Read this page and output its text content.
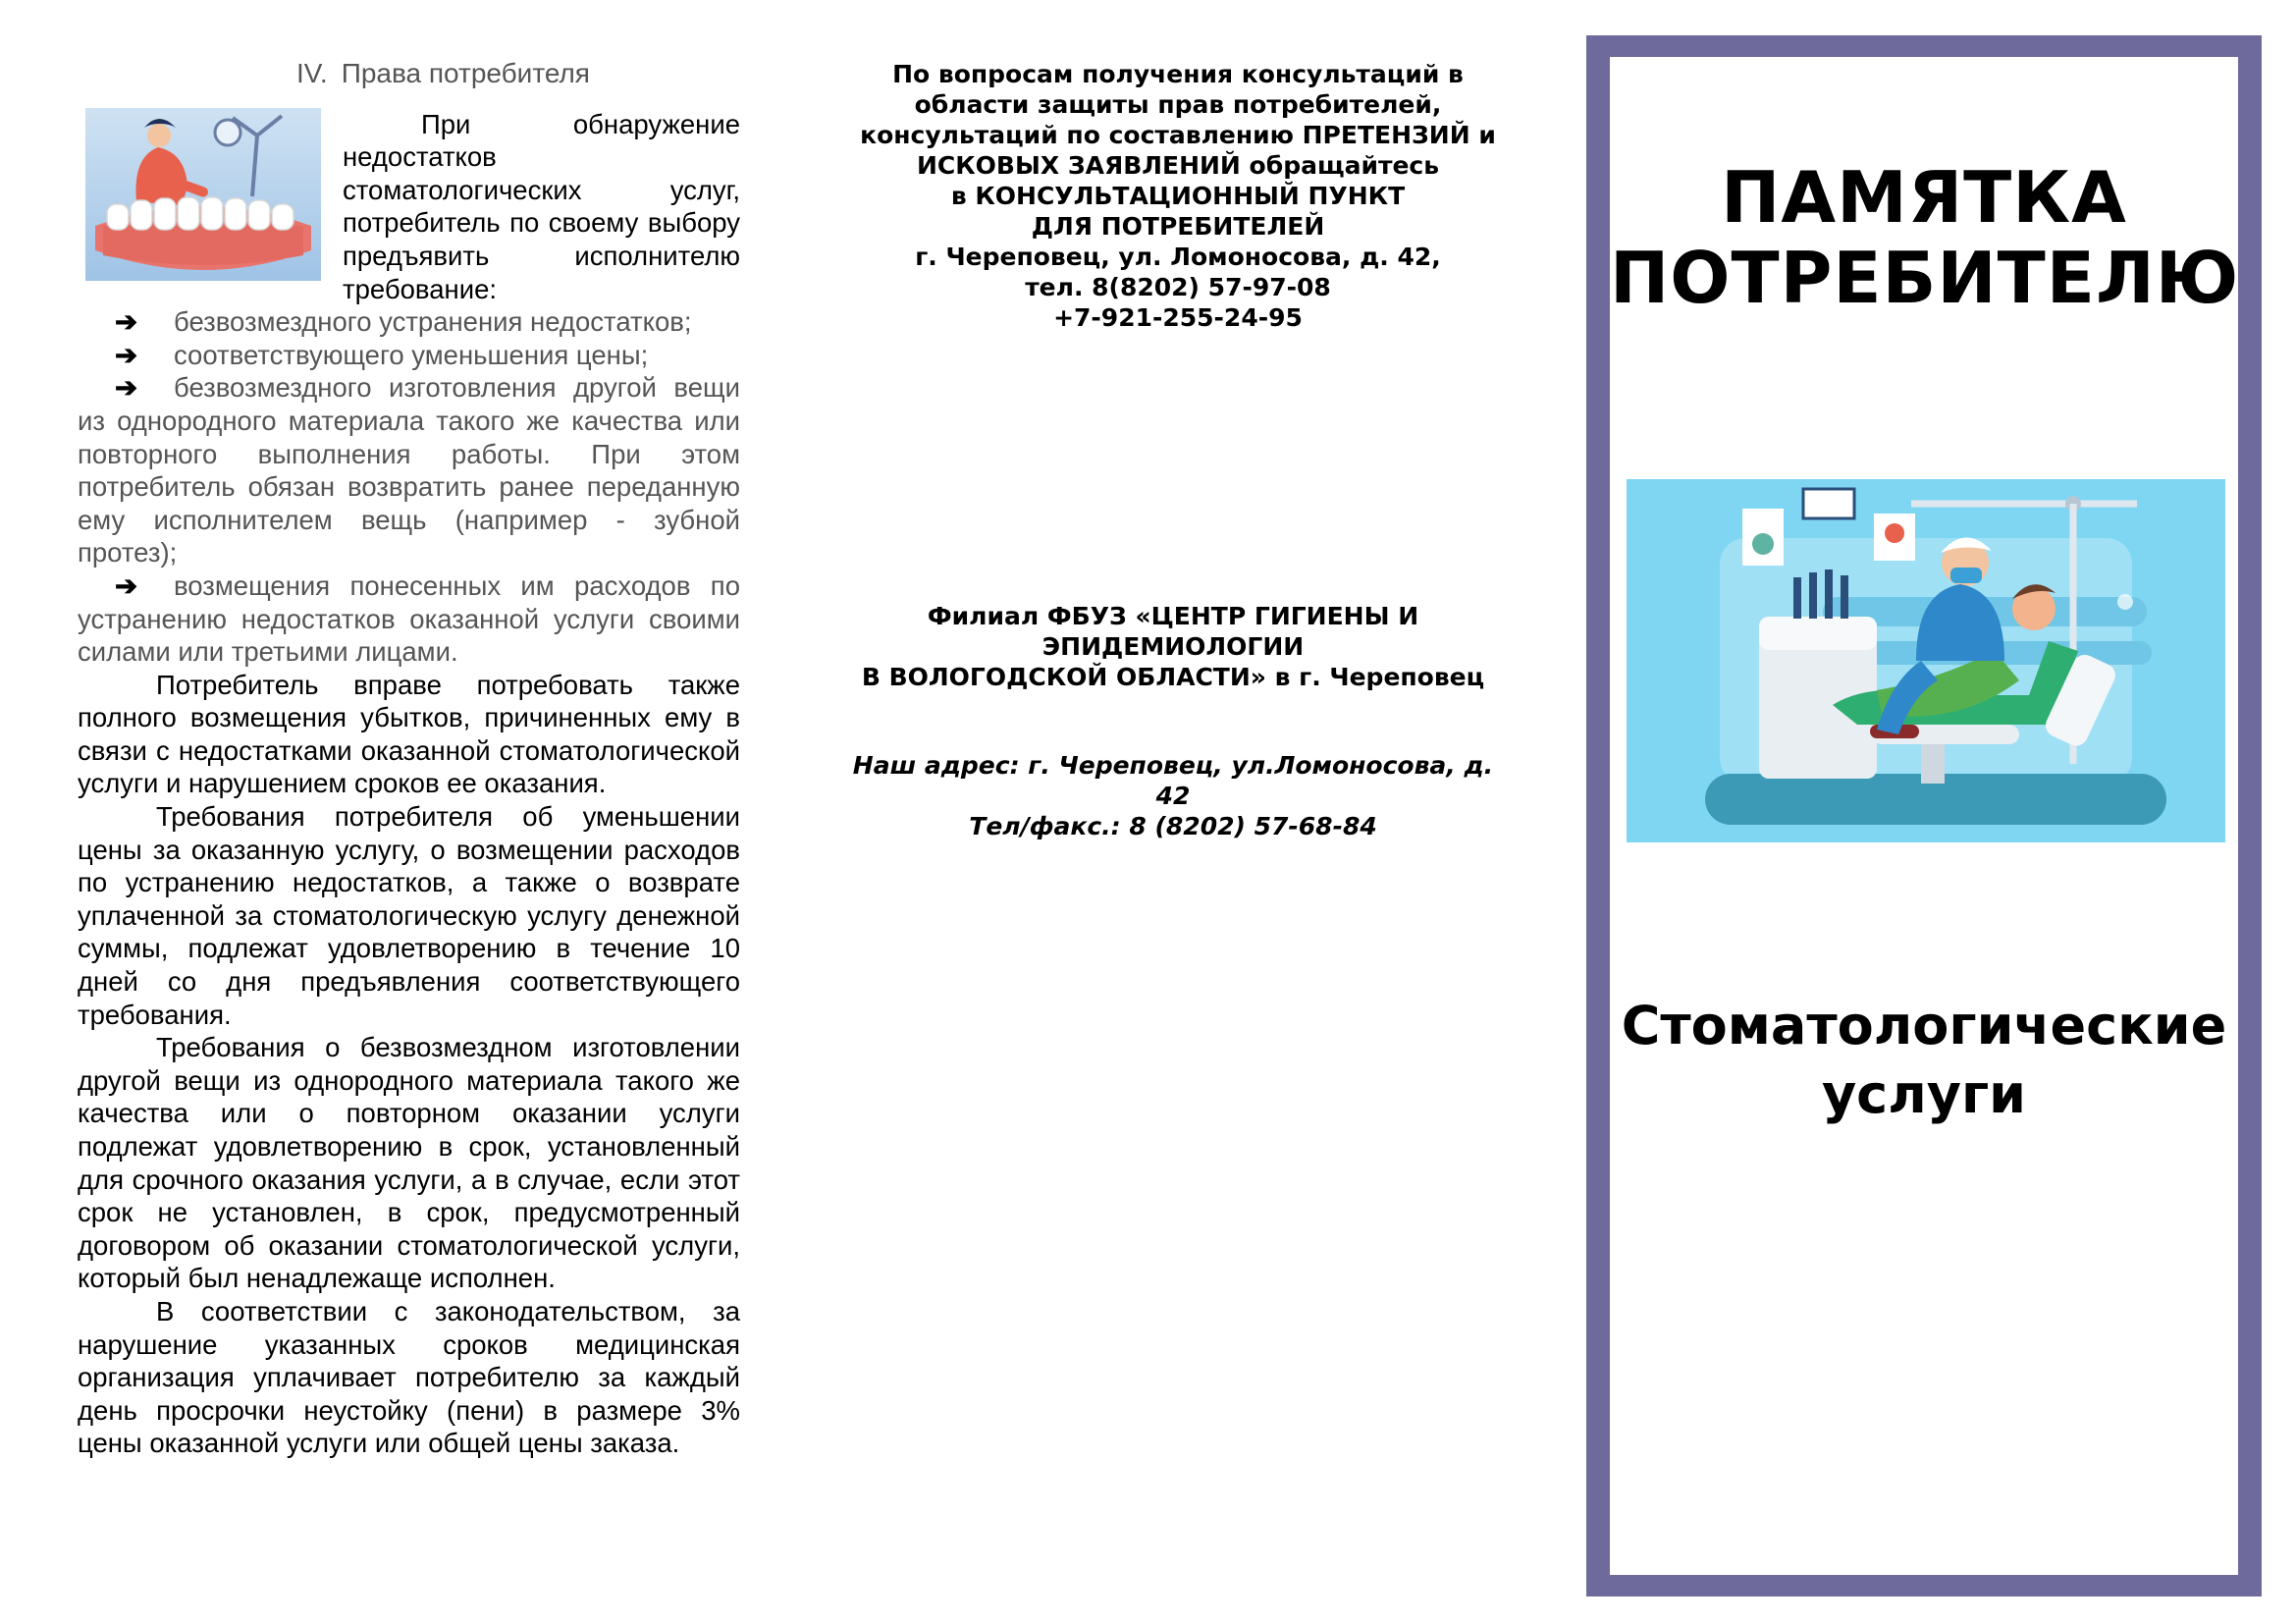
IV. Права потребителя

При обнаружение недостатков стоматологических услуг, потребитель по своему выбору предъявить исполнителю требование:

➔ безвозмездного устранения недостатков;
➔ соответствующего уменьшения цены;
➔ безвозмездного изготовления другой вещи из однородного материала такого же качества или повторного выполнения работы. При этом потребитель обязан возвратить ранее переданную ему исполнителем вещь (например - зубной протез);
➔ возмещения понесенных им расходов по устранению недостатков оказанной услуги своими силами или третьими лицами.

Потребитель вправе потребовать также полного возмещения убытков, причиненных ему в связи с недостатками оказанной стоматологической услуги и нарушением сроков ее оказания.

Требования потребителя об уменьшении цены за оказанную услугу, о возмещении расходов по устранению недостатков, а также о возврате уплаченной за стоматологическую услугу денежной суммы, подлежат удовлетворению в течение 10 дней со дня предъявления соответствующего требования.

Требования о безвозмездном изготовлении другой вещи из однородного материала такого же качества или о повторном оказании услуги подлежат удовлетворению в срок, установленный для срочного оказания услуги, а в случае, если этот срок не установлен, в срок, предусмотренный договором об оказании стоматологической услуги, который был ненадлежаще исполнен.

В соответствии с законодательством, за нарушение указанных сроков медицинская организация уплачивает потребителю за каждый день просрочки неустойку (пени) в размере 3% цены оказанной услуги или общей цены заказа.

По вопросам получения консультаций в
области защиты прав потребителей,
консультаций по составлению ПРЕТЕНЗИЙ и
ИСКОВЫХ ЗАЯВЛЕНИЙ обращайтесь
в КОНСУЛЬТАЦИОННЫЙ ПУНКТ
ДЛЯ ПОТРЕБИТЕЛЕЙ
г. Череповец, ул. Ломоносова, д. 42,
тел. 8(8202) 57-97-08
+7-921-255-24-95
Филиал ФБУЗ «ЦЕНТР ГИГИЕНЫ И
ЭПИДЕМИОЛОГИИ
В ВОЛОГОДСКОЙ ОБЛАСТИ» в г. Череповец
Наш адрес: г. Череповец, ул.Ломоносова, д.
42
Тел/факс.: 8 (8202) 57-68-84
ПАМЯТКА
ПОТРЕБИТЕЛЮ
Стоматологические
услуги
